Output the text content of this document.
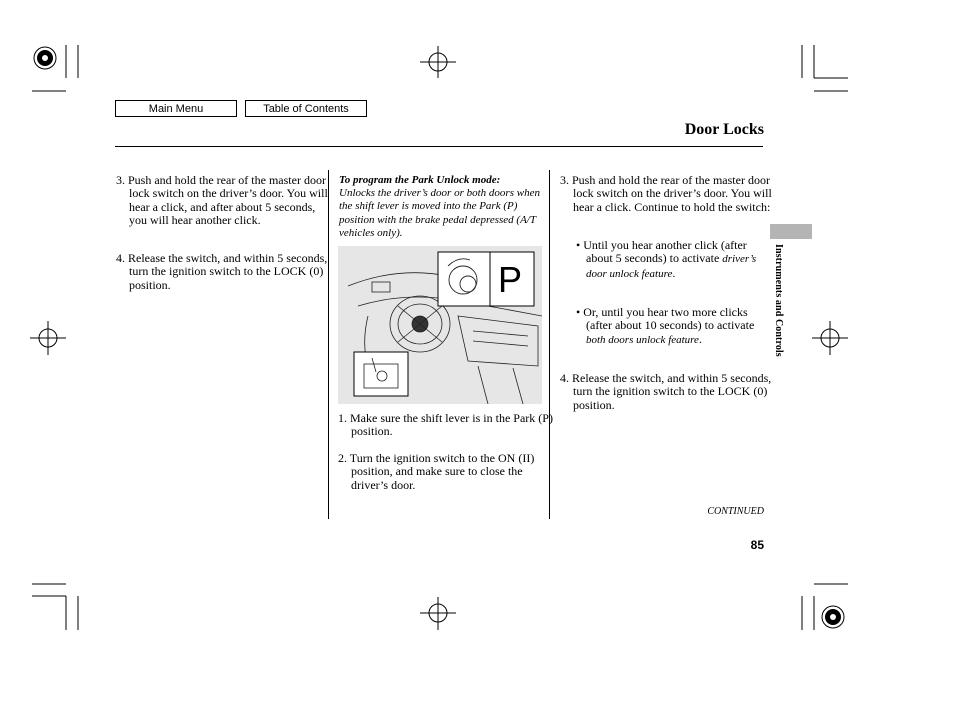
Main Menu	Table of Contents
Door Locks

3. Push and hold the rear of the master door lock switch on the driver’s door. You will hear a click, and after about 5 seconds, you will hear another click.

4. Release the switch, and within 5 seconds, turn the ignition switch to the LOCK (0) position.

To program the Park Unlock mode:

Unlocks the driver’s door or both doors when the shift lever is moved into the Park (P) position with the brake pedal depressed (A/T vehicles only).

P

1. Make sure the shift lever is in the Park (P) position.

2. Turn the ignition switch to the ON (II) position, and make sure to close the driver’s door.

3. Push and hold the rear of the master door lock switch on the driver’s door. You will hear a click. Continue to hold the switch:

• Until you hear another click (after about 5 seconds) to activate driver’s door unlock feature.

• Or, until you hear two more clicks (after about 10 seconds) to activate both doors unlock feature.

4. Release the switch, and within 5 seconds, turn the ignition switch to the LOCK (0) position.

Instruments and Controls
CONTINUED
85
